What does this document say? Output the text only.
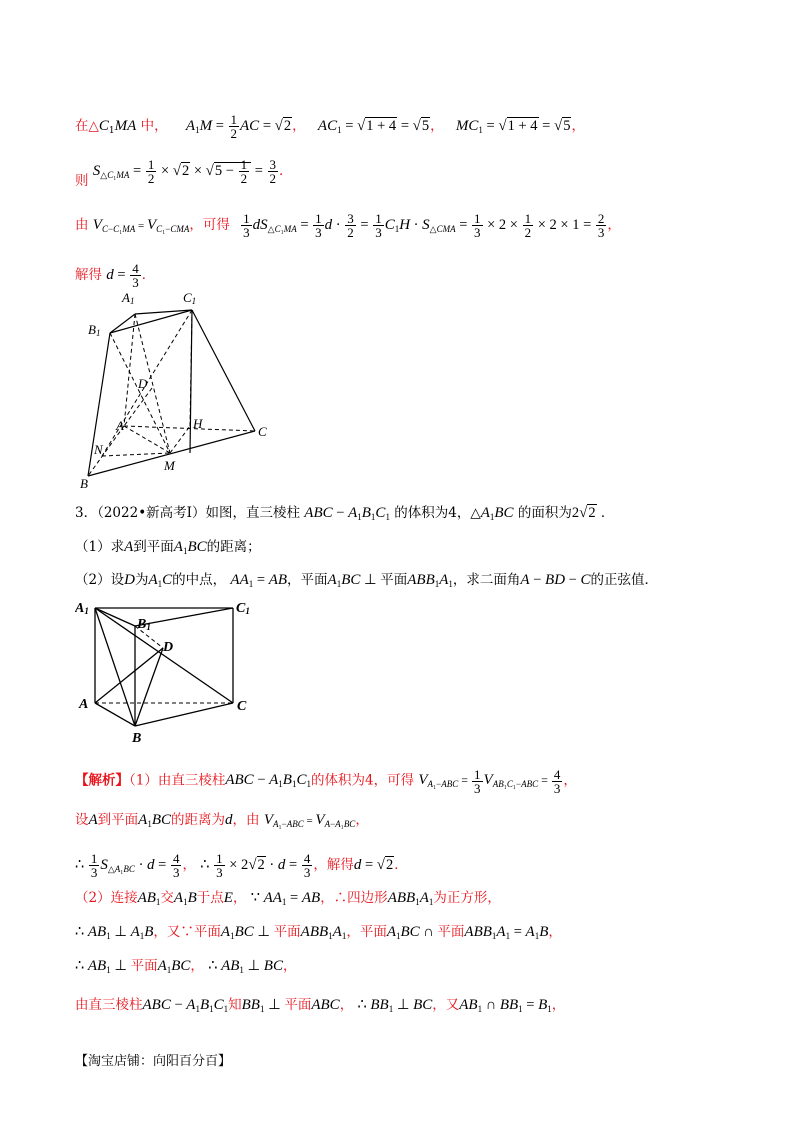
在$\triangle C_1MA$ 中， $A_1M = \frac{1}{2}$ AC = √2， $AC_1 = √1 + 4 = √5$， $MC_1 = √1 + 4 = √5$，
则 $S_{\triangle C_1MA} = \frac{1}{2} \times √2 \times √5 - \frac{1}{2} = \frac{3}{2}$ ．
由 $V_{C-C_1MA} = V_{C_1-CMA}$，可得 $\frac{1}{3} dS_{\triangle C_1MA} = \frac{1}{3}$ $d \cdot \frac{3}{2} = \frac{1}{3} C_1H \cdot S_{\triangle CMA} = \frac{1}{3} \times 2 \times \frac{1}{2} \times 2 \times 1 = \frac{2}{3}$ ，
解得 $d = \frac{4}{3}$ ．
A1	C1
B1
D
A	H
C
N
M
B
3．（2022•新高考Ⅰ）如图，直三棱柱 ABC − $A_1B_1C_1$ 的体积为4，$\triangle A_1BC$ 的面积为2√2 ．
（1）求A到平面$A_1BC$的距离；
（2）设D为$A_1C$的中点， $AA_1$ = AB，平面$A_1BC$ ⊥ 平面$ABB_1A_1$，求二面角A − BD − C的正弦值．
A1
B1
C1
D
A	C
B
【解析】（1）由直三棱柱ABC − $A_1B_1C_1$的体积为4，可得 $V_{A_1-ABC} = \frac{1}{3} V_{AB_1C_1-ABC} = \frac{4}{3}$ ，
设A到平面$A_1BC$的距离为d，由 $V_{A_1-ABC} = V_{A-A_1BC}$，
∴ $\frac{1}{3} S_{\triangle A_1BC} \cdot d = \frac{4}{3}$ ， ∴ $\frac{1}{3} \times 2√2 \cdot d = \frac{4}{3}$ ，解得d = √2．
（2）连接$AB_1$交$A_1B$于点E， ∵ $AA_1$ = AB，∴四边形$ABB_1A_1$为正方形，
∴ $AB_1$ ⊥ $A_1B$，又∵平面$A_1BC$ ⊥ 平面$ABB_1A_1$，平面$A_1BC$ ∩ 平面$ABB_1A_1 = A_1B$，
∴ $AB_1$ ⊥ 平面$A_1BC$， ∴ $AB_1$ ⊥ BC，
由直三棱柱ABC − $A_1B_1C_1$知$BB_1$ ⊥ 平面ABC， ∴ $BB_1$ ⊥ BC，又$AB_1$ ∩ $BB_1 = B_1$，
【淘宝店铺：向阳百分百】
